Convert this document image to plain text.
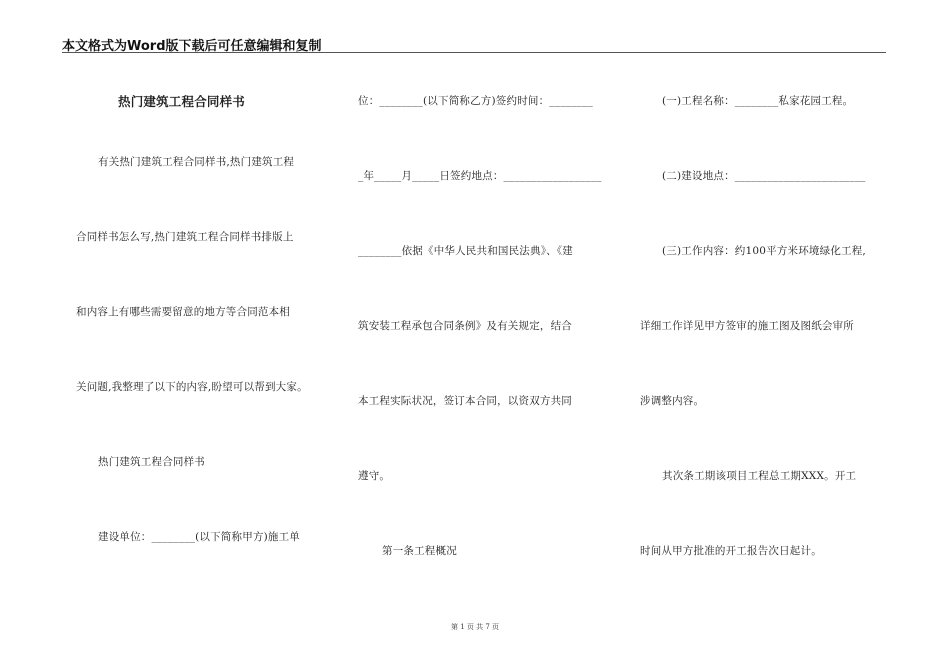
本文格式为Word版下载后可任意编辑和复制
热门建筑工程合同样书
有关热门建筑工程合同样书,热门建筑工程
合同样书怎么写,热门建筑工程合同样书排版上
和内容上有哪些需要留意的地方等合同范本相
关问题,我整理了以下的内容,盼望可以帮到大家。
热门建筑工程合同样书
建设单位：________(以下简称甲方)施工单
位：________(以下简称乙方)签约时间：________
_年_____月_____日签约地点：__________________
________依据《中华人民共和国民法典》、《建
筑安装工程承包合同条例》及有关规定，结合
本工程实际状况，签订本合同，以资双方共同
遵守。
第一条工程概况
(一)工程名称：________私家花园工程。
(二)建设地点：________________________
(三)工作内容：约100平方米环境绿化工程,
详细工作详见甲方签审的施工图及图纸会审所
涉调整内容。
其次条工期该项目工程总工期XXX。开工
时间从甲方批准的开工报告次日起计。
第 1 页 共 7 页
